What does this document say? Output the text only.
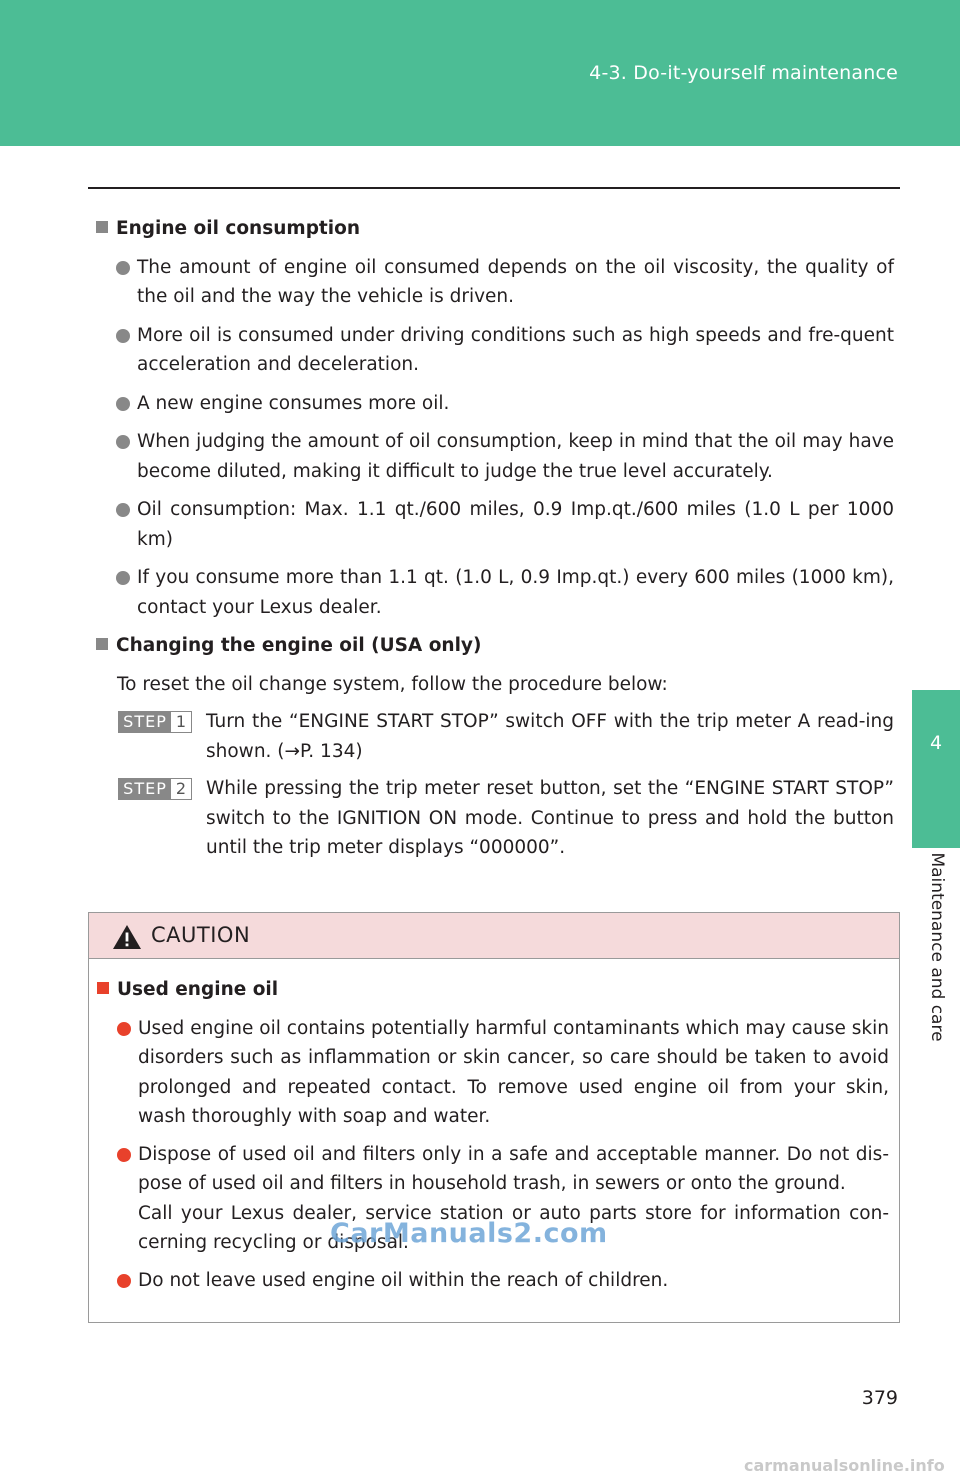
4-3. Do-it-yourself maintenance
4
Maintenance and care
Engine oil consumption
The amount of engine oil consumed depends on the oil viscosity, the quality of the oil and the way the vehicle is driven.
More oil is consumed under driving conditions such as high speeds and fre-quent acceleration and deceleration.
A new engine consumes more oil.
When judging the amount of oil consumption, keep in mind that the oil may have become diluted, making it difficult to judge the true level accurately.
Oil consumption: Max. 1.1 qt./600 miles, 0.9 Imp.qt./600 miles (1.0 L per 1000 km)
If you consume more than 1.1 qt. (1.0 L, 0.9 Imp.qt.) every 600 miles (1000 km), contact your Lexus dealer.
Changing the engine oil (USA only)
To reset the oil change system, follow the procedure below:
STEP 1 Turn the “ENGINE START STOP” switch OFF with the trip meter A read-ing shown. (→P. 134)
STEP 2 While pressing the trip meter reset button, set the “ENGINE START STOP” switch to the IGNITION ON mode. Continue to press and hold the button until the trip meter displays “000000”.
CAUTION
Used engine oil
Used engine oil contains potentially harmful contaminants which may cause skin disorders such as inflammation or skin cancer, so care should be taken to avoid prolonged and repeated contact. To remove used engine oil from your skin, wash thoroughly with soap and water.
Dispose of used oil and filters only in a safe and acceptable manner. Do not dis-pose of used oil and filters in household trash, in sewers or onto the ground.
Call your Lexus dealer, service station or auto parts store for information con-cerning recycling or disposal.
Do not leave used engine oil within the reach of children.
CarManuals2.com
379
carmanualsonline.info
